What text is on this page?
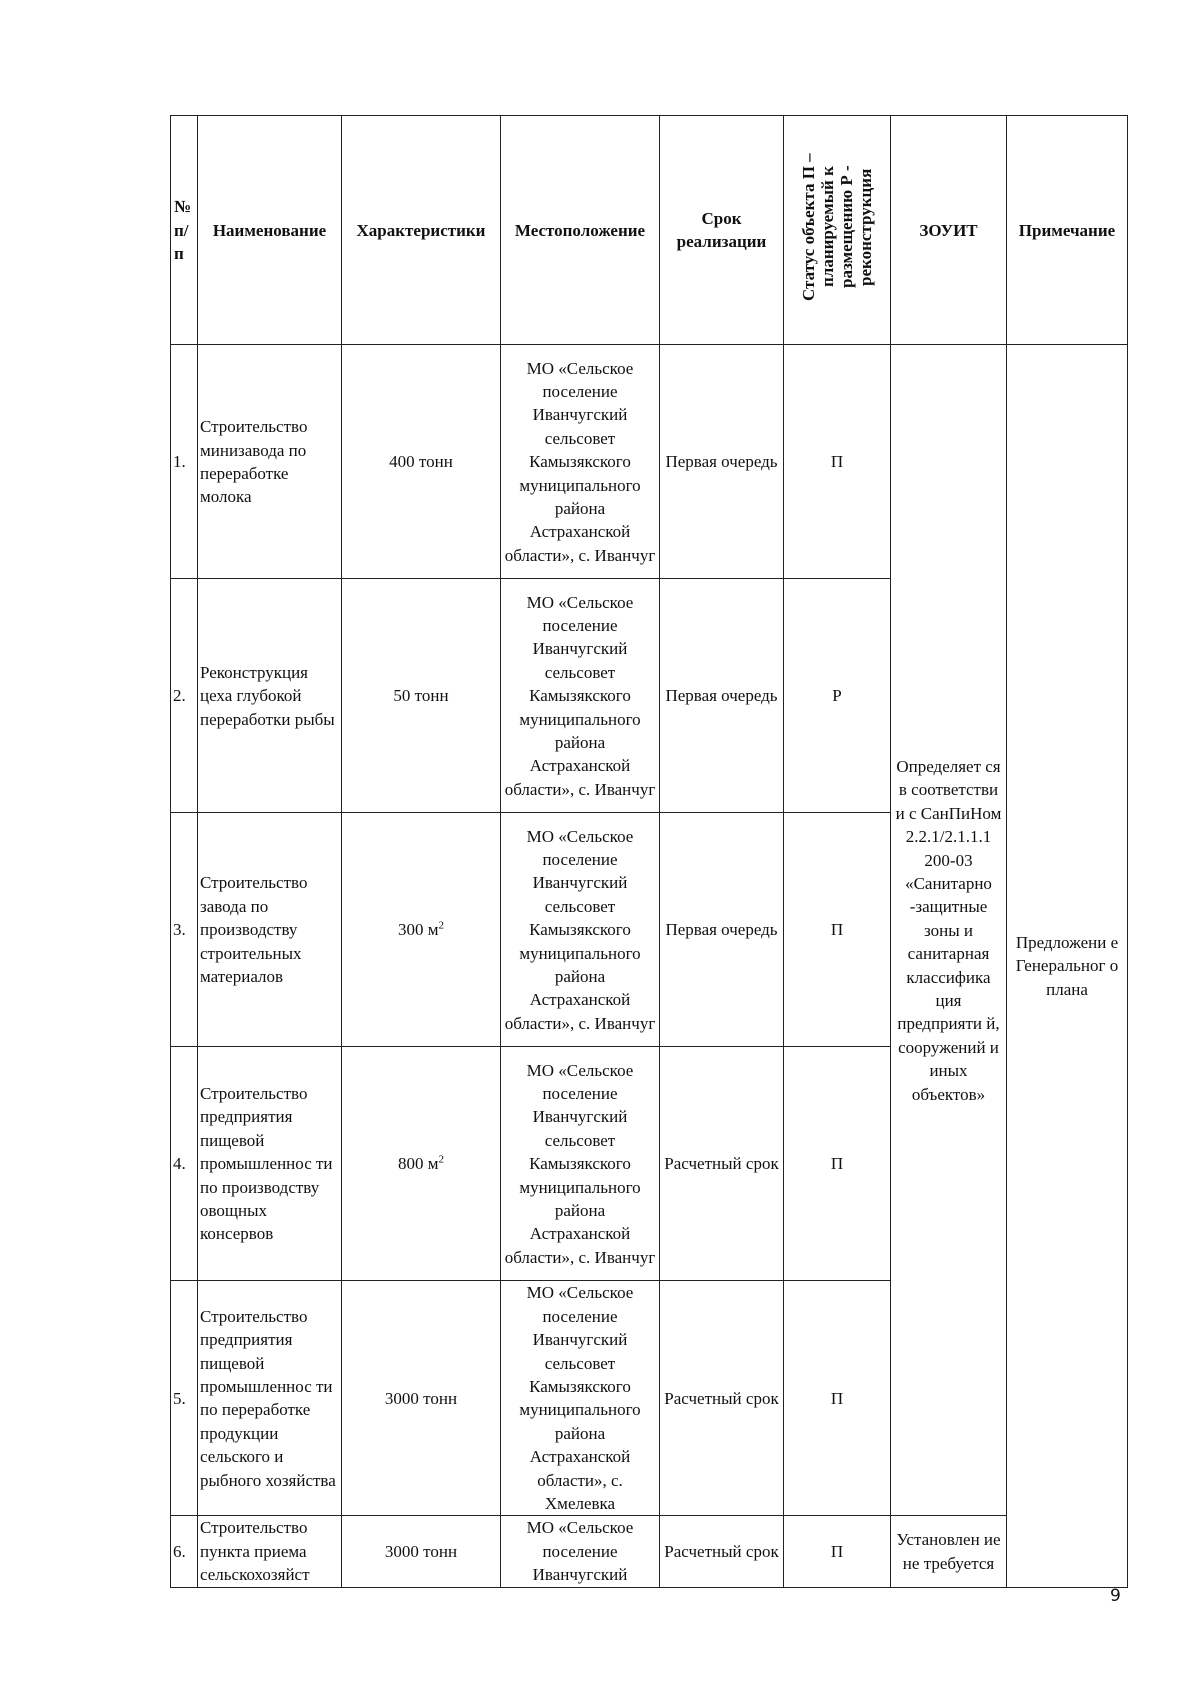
№ п/ п	Наименование	Характеристики	Местоположение	Срок реализации	Статус объекта П – планируемый к размещению Р - реконструкция	ЗОУИТ	Примечание
1.	Строительство минизавода по переработке молока	400 тонн	МО «Сельское поселение Иванчугский сельсовет Камызякского муниципального района Астраханской области», с. Иванчуг	Первая очередь	П	Определяет ся в соответстви и с СанПиНом 2.2.1/2.1.1.1 200-03 «Санитарно -защитные зоны и санитарная классифика ция предприяти й, сооружений и иных объектов»	Предложени е Генеральног о плана
2.	Реконструкция цеха глубокой переработки рыбы	50 тонн	МО «Сельское поселение Иванчугский сельсовет Камызякского муниципального района Астраханской области», с. Иванчуг	Первая очередь	Р		
3.	Строительство завода по производству строительных материалов	300 $м^2$	МО «Сельское поселение Иванчугский сельсовет Камызякского муниципального района Астраханской области», с. Иванчуг	Первая очередь	П		
4.	Строительство предприятия пищевой промышленнос ти по производству овощных консервов	800 $м^2$	МО «Сельское поселение Иванчугский сельсовет Камызякского муниципального района Астраханской области», с. Иванчуг	Расчетный срок	П		
5.	Строительство предприятия пищевой промышленнос ти по переработке продукции сельского и рыбного хозяйства	3000 тонн	МО «Сельское поселение Иванчугский сельсовет Камызякского муниципального района Астраханской области», с. Хмелевка	Расчетный срок	П		
6.	Строительство пункта приема сельскохозяйст	3000 тонн	МО «Сельское поселение Иванчугский	Расчетный срок	П	Установлен ие не требуется	
9
